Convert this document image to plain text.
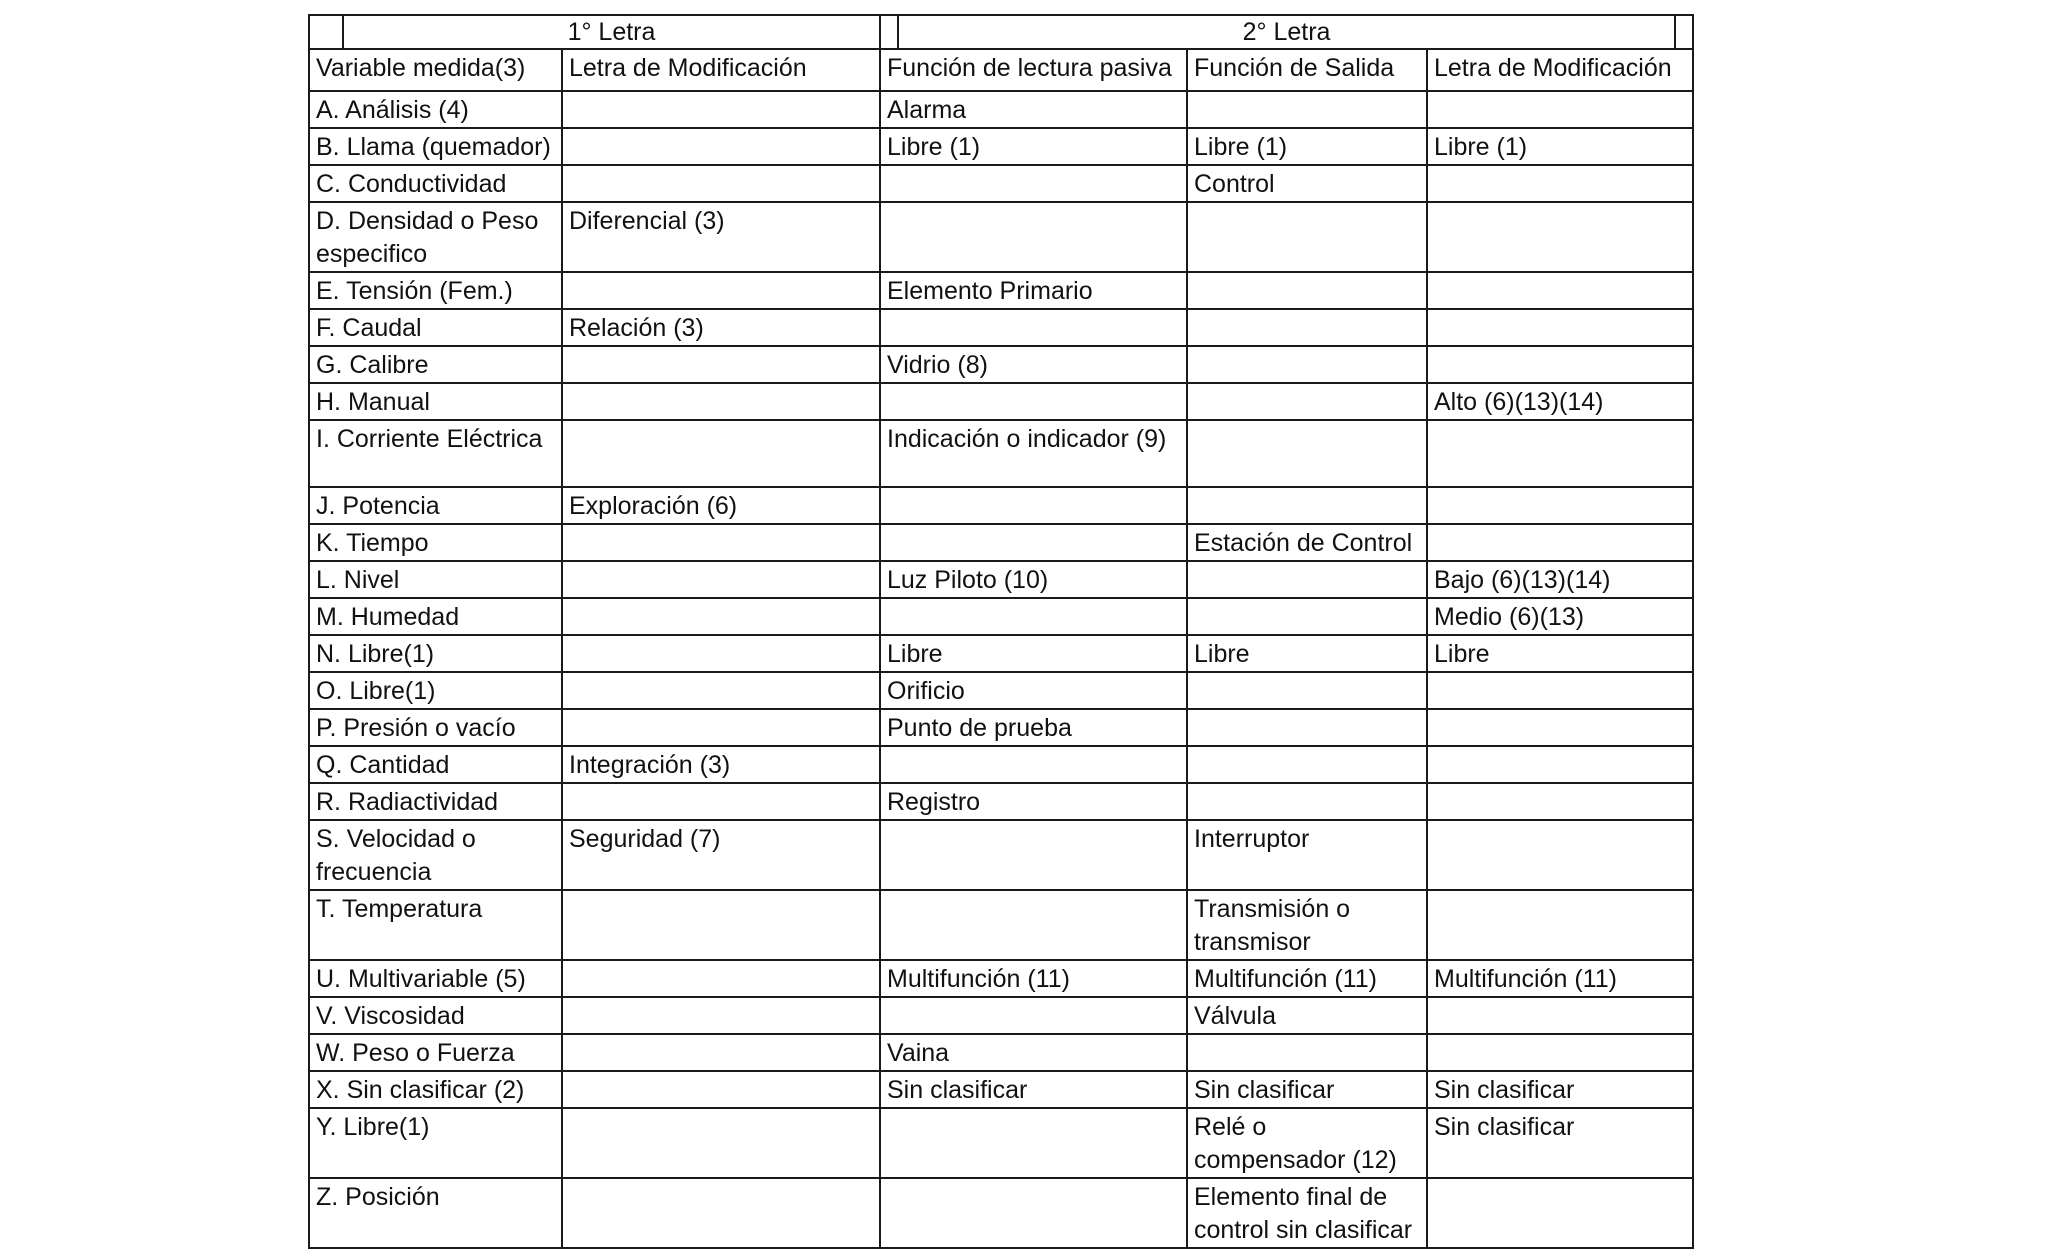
1° Letra		2° Letra		

Variable medida(3)	Letra de Modificación	Función de lectura pasiva	Función de Salida	Letra de Modificación
A. Análisis (4)		Alarma		
B. Llama (quemador)		Libre (1)	Libre (1)	Libre (1)
C. Conductividad			Control	
D. Densidad o Peso especifico	Diferencial (3)			
E. Tensión (Fem.)		Elemento Primario		
F. Caudal	Relación (3)			
G. Calibre		Vidrio (8)		
H. Manual				Alto (6)(13)(14)
I. Corriente Eléctrica		Indicación o indicador (9)		
J. Potencia	Exploración (6)			
K. Tiempo			Estación de Control	
L. Nivel		Luz Piloto (10)		Bajo (6)(13)(14)
M. Humedad				Medio (6)(13)
N. Libre(1)		Libre	Libre	Libre
O. Libre(1)		Orificio		
P. Presión o vacío		Punto de prueba		
Q. Cantidad	Integración (3)			
R. Radiactividad		Registro		
S. Velocidad o frecuencia	Seguridad (7)		Interruptor	
T. Temperatura			Transmisión o transmisor	
U. Multivariable (5)		Multifunción (11)	Multifunción (11)	Multifunción (11)
V. Viscosidad			Válvula	
W. Peso o Fuerza		Vaina		
X. Sin clasificar (2)		Sin clasificar	Sin clasificar	Sin clasificar
Y. Libre(1)			Relé o compensador (12)	Sin clasificar
Z. Posición			Elemento final de control sin clasificar	
